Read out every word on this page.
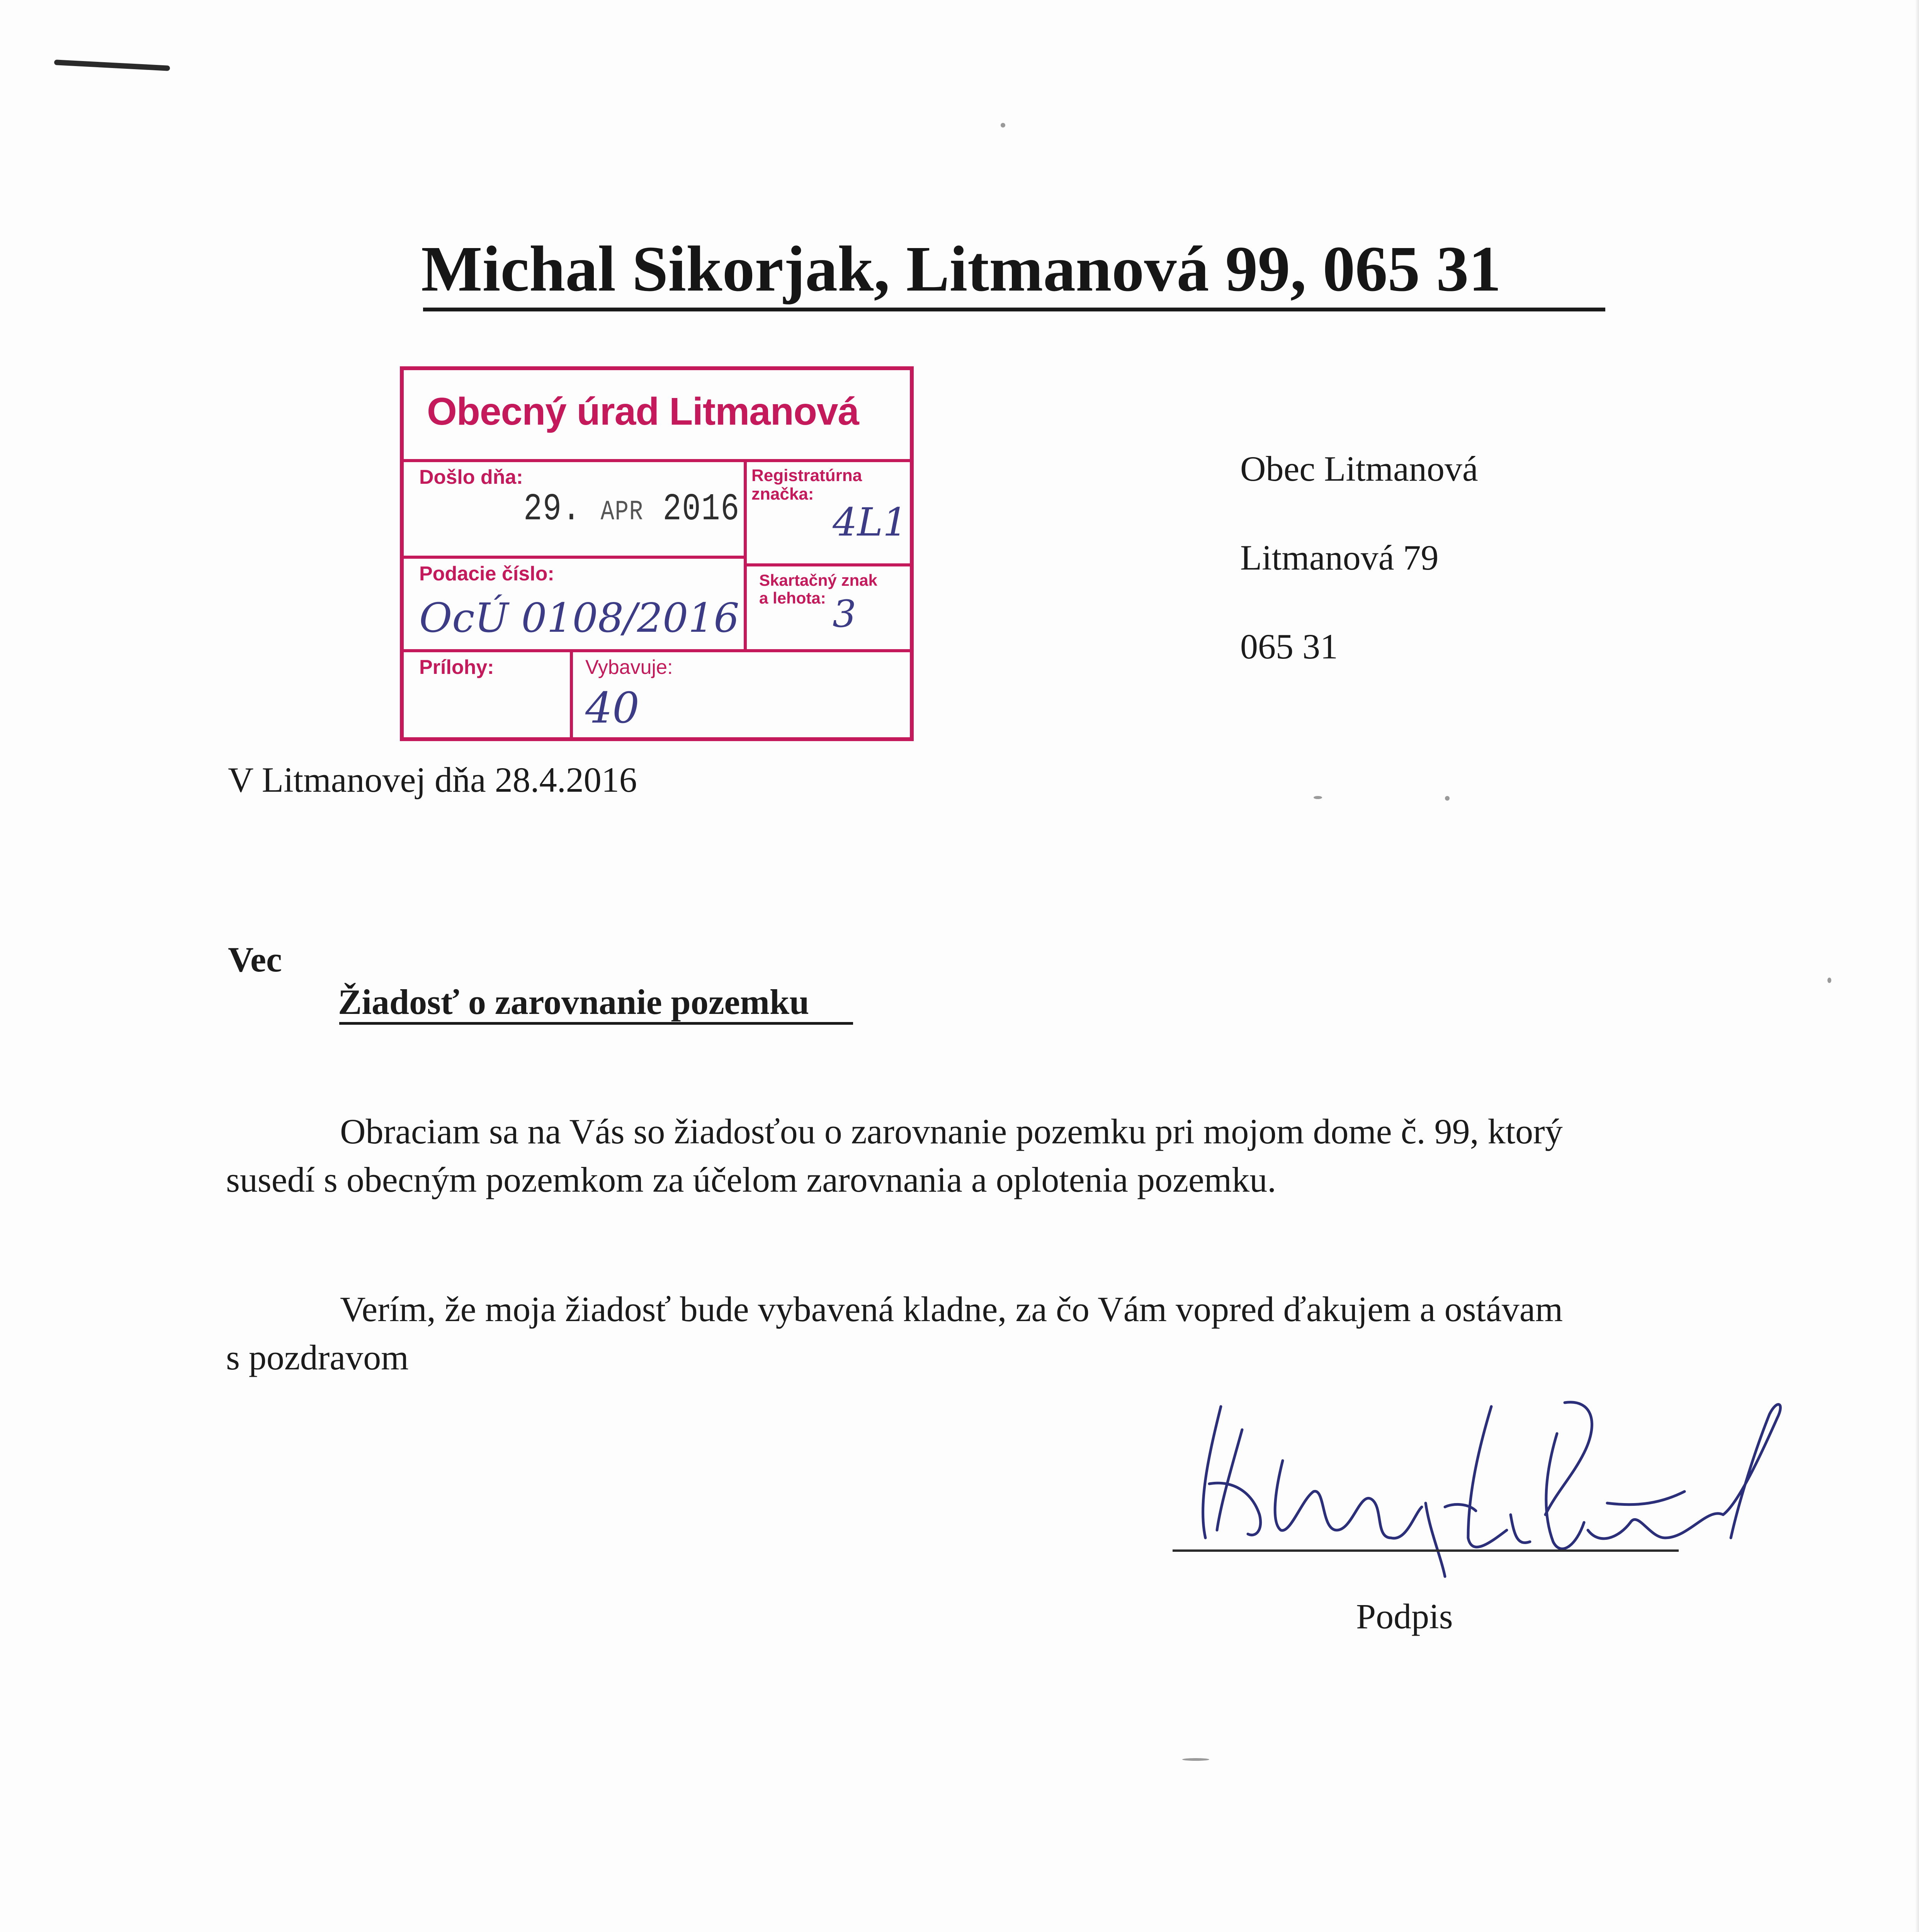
Michal Sikorjak, Litmanová 99, 065 31
Obecný úrad Litmanová
Došlo dňa:
29. APR 2016
Registratúrna
značka:
4L1
Podacie číslo:
OcÚ 0108/2016
Skartačný znak
a lehota: 3
Prílohy:	Vybavuje:
40
Obec Litmanová
Litmanová 79
065 31
V Litmanovej dňa 28.4.2016
Vec
Žiadosť o zarovnanie pozemku
Obraciam sa na Vás so žiadosťou o zarovnanie pozemku pri mojom dome č. 99, ktorý
susedí s obecným pozemkom za účelom zarovnania a oplotenia pozemku.
Verím, že moja žiadosť bude vybavená kladne, za čo Vám vopred ďakujem a ostávam
s pozdravom
Podpis
